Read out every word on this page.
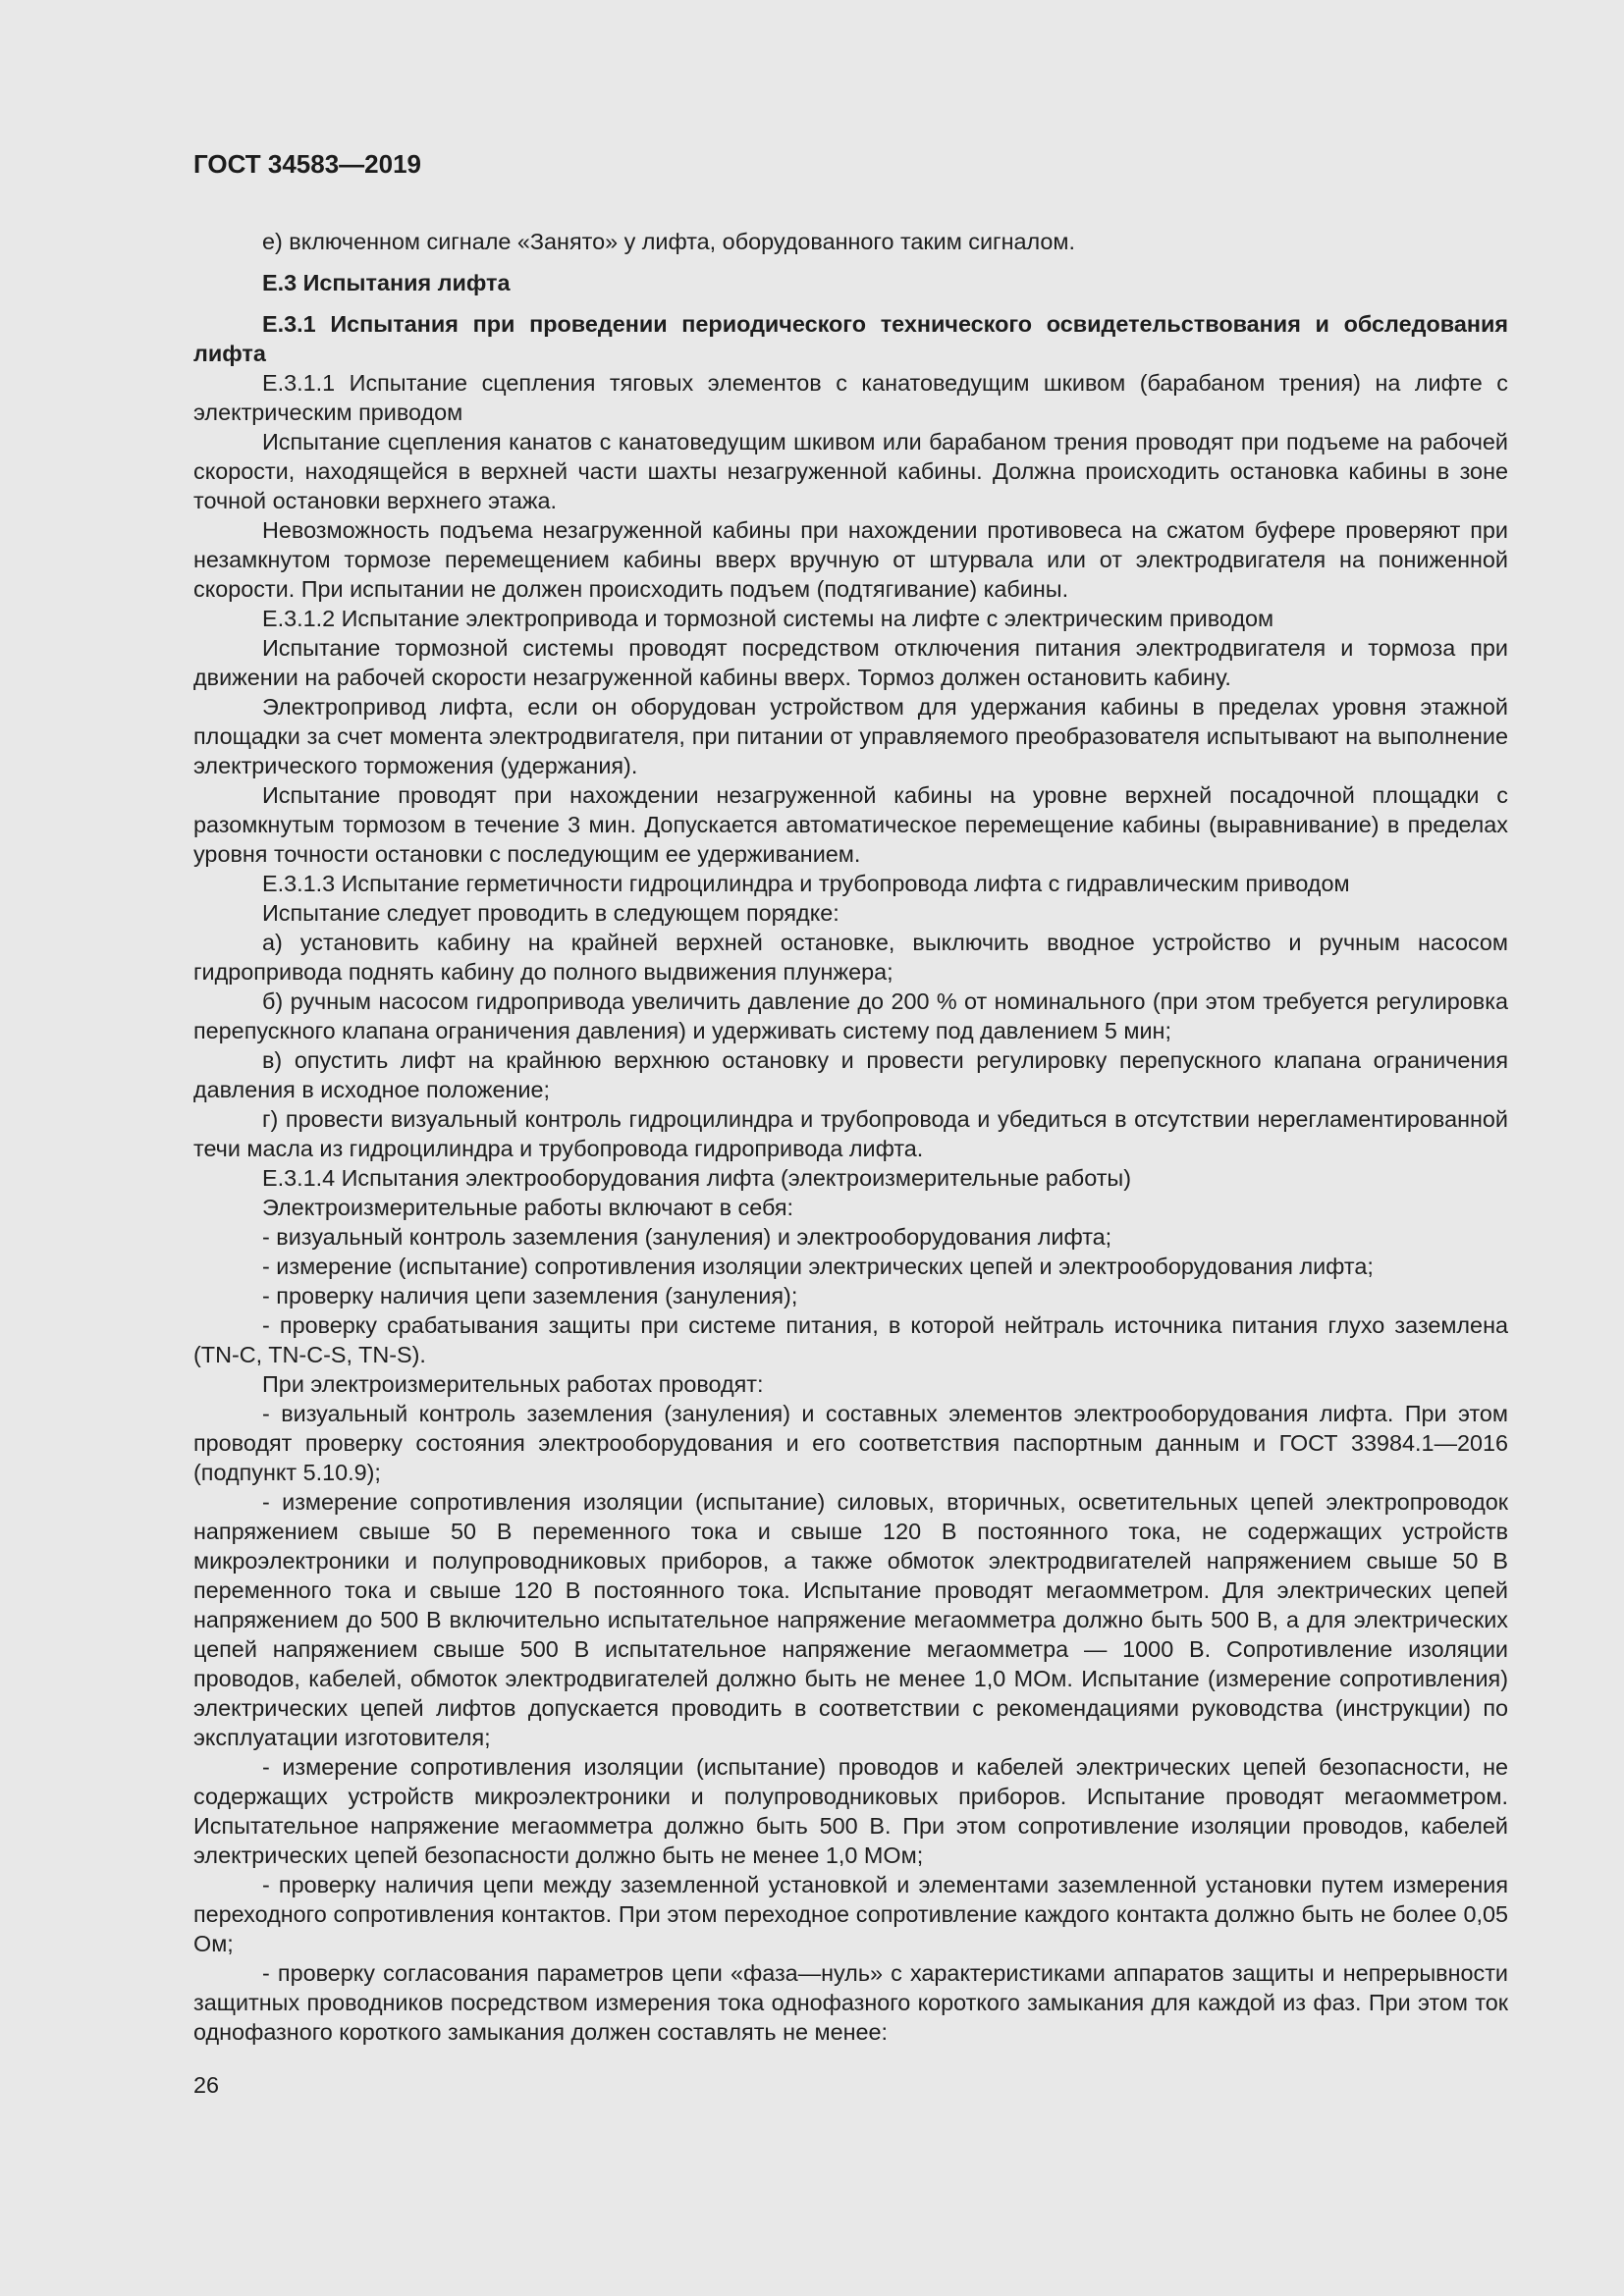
ГОСТ 34583—2019

е) включенном сигнале «Занято» у лифта, оборудованного таким сигналом.

Е.3 Испытания лифта

Е.3.1 Испытания при проведении периодического технического освидетельствования и обследования лифта

Е.3.1.1 Испытание сцепления тяговых элементов с канатоведущим шкивом (барабаном трения) на лифте с электрическим приводом

Испытание сцепления канатов с канатоведущим шкивом или барабаном трения проводят при подъеме на рабочей скорости, находящейся в верхней части шахты незагруженной кабины. Должна происходить остановка кабины в зоне точной остановки верхнего этажа.

Невозможность подъема незагруженной кабины при нахождении противовеса на сжатом буфере проверяют при незамкнутом тормозе перемещением кабины вверх вручную от штурвала или от электродвигателя на пониженной скорости. При испытании не должен происходить подъем (подтягивание) кабины.

Е.3.1.2 Испытание электропривода и тормозной системы на лифте с электрическим приводом

Испытание тормозной системы проводят посредством отключения питания электродвигателя и тормоза при движении на рабочей скорости незагруженной кабины вверх. Тормоз должен остановить кабину.

Электропривод лифта, если он оборудован устройством для удержания кабины в пределах уровня этажной площадки за счет момента электродвигателя, при питании от управляемого преобразователя испытывают на выполнение электрического торможения (удержания).

Испытание проводят при нахождении незагруженной кабины на уровне верхней посадочной площадки с разомкнутым тормозом в течение 3 мин. Допускается автоматическое перемещение кабины (выравнивание) в пределах уровня точности остановки с последующим ее удерживанием.

Е.3.1.3 Испытание герметичности гидроцилиндра и трубопровода лифта с гидравлическим приводом

Испытание следует проводить в следующем порядке:

а) установить кабину на крайней верхней остановке, выключить вводное устройство и ручным насосом гидропривода поднять кабину до полного выдвижения плунжера;

б) ручным насосом гидропривода увеличить давление до 200 % от номинального (при этом требуется регулировка перепускного клапана ограничения давления) и удерживать систему под давлением 5 мин;

в) опустить лифт на крайнюю верхнюю остановку и провести регулировку перепускного клапана ограничения давления в исходное положение;

г) провести визуальный контроль гидроцилиндра и трубопровода и убедиться в отсутствии нерегламентированной течи масла из гидроцилиндра и трубопровода гидропривода лифта.

Е.3.1.4 Испытания электрооборудования лифта (электроизмерительные работы)

Электроизмерительные работы включают в себя:

- визуальный контроль заземления (зануления) и электрооборудования лифта;

- измерение (испытание) сопротивления изоляции электрических цепей и электрооборудования лифта;

- проверку наличия цепи заземления (зануления);

- проверку срабатывания защиты при системе питания, в которой нейтраль источника питания глухо заземлена (TN-C, TN-C-S, TN-S).

При электроизмерительных работах проводят:

- визуальный контроль заземления (зануления) и составных элементов электрооборудования лифта. При этом проводят проверку состояния электрооборудования и его соответствия паспортным данным и ГОСТ 33984.1—2016 (подпункт 5.10.9);

- измерение сопротивления изоляции (испытание) силовых, вторичных, осветительных цепей электропроводок напряжением свыше 50 В переменного тока и свыше 120 В постоянного тока, не содержащих устройств микроэлектроники и полупроводниковых приборов, а также обмоток электродвигателей напряжением свыше 50 В переменного тока и свыше 120 В постоянного тока. Испытание проводят мегаомметром. Для электрических цепей напряжением до 500 В включительно испытательное напряжение мегаомметра должно быть 500 В, а для электрических цепей напряжением свыше 500 В испытательное напряжение мегаомметра — 1000 В. Сопротивление изоляции проводов, кабелей, обмоток электродвигателей должно быть не менее 1,0 МОм. Испытание (измерение сопротивления) электрических цепей лифтов допускается проводить в соответствии с рекомендациями руководства (инструкции) по эксплуатации изготовителя;

- измерение сопротивления изоляции (испытание) проводов и кабелей электрических цепей безопасности, не содержащих устройств микроэлектроники и полупроводниковых приборов. Испытание проводят мегаомметром. Испытательное напряжение мегаомметра должно быть 500 В. При этом сопротивление изоляции проводов, кабелей электрических цепей безопасности должно быть не менее 1,0 МОм;

- проверку наличия цепи между заземленной установкой и элементами заземленной установки путем измерения переходного сопротивления контактов. При этом переходное сопротивление каждого контакта должно быть не более 0,05 Ом;

- проверку согласования параметров цепи «фаза—нуль» с характеристиками аппаратов защиты и непрерывности защитных проводников посредством измерения тока однофазного короткого замыкания для каждой из фаз. При этом ток однофазного короткого замыкания должен составлять не менее:

26
